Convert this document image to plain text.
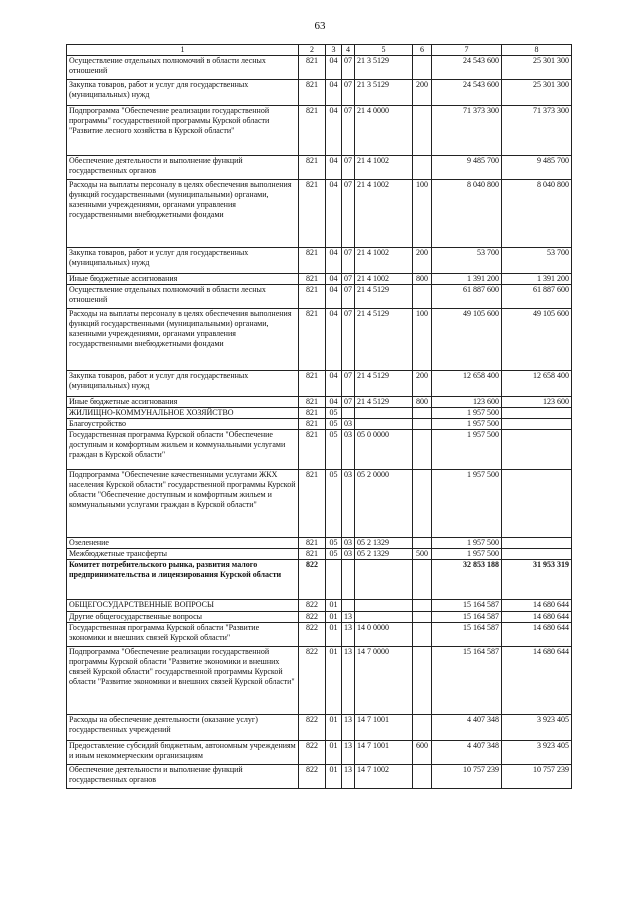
63
1	2	3	4	5	6	7	8
Осуществление отдельных полномочий в области лесных отношений	821	04	07	21 3 5129		24 543 600	25 301 300
Закупка товаров, работ и услуг для государственных (муниципальных) нужд	821	04	07	21 3 5129	200	24 543 600	25 301 300
Подпрограмма "Обеспечение реализации государственной программы" государственной программы Курской области "Развитие лесного хозяйства в Курской области"	821	04	07	21 4 0000		71 373 300	71 373 300
Обеспечение деятельности и выполнение функций государственных органов	821	04	07	21 4 1002		9 485 700	9 485 700
Расходы на выплаты персоналу в целях обеспечения выполнения функций государственными (муниципальными) органами, казенными учреждениями, органами управления государственными внебюджетными фондами	821	04	07	21 4 1002	100	8 040 800	8 040 800
Закупка товаров, работ и услуг для государственных (муниципальных) нужд	821	04	07	21 4 1002	200	53 700	53 700
Иные бюджетные ассигнования	821	04	07	21 4 1002	800	1 391 200	1 391 200
Осуществление отдельных полномочий в области лесных отношений	821	04	07	21 4 5129		61 887 600	61 887 600
Расходы на выплаты персоналу в целях обеспечения выполнения функций государственными (муниципальными) органами, казенными учреждениями, органами управления государственными внебюджетными фондами	821	04	07	21 4 5129	100	49 105 600	49 105 600
Закупка товаров, работ и услуг для государственных (муниципальных) нужд	821	04	07	21 4 5129	200	12 658 400	12 658 400
Иные бюджетные ассигнования	821	04	07	21 4 5129	800	123 600	123 600
ЖИЛИЩНО-КОММУНАЛЬНОЕ ХОЗЯЙСТВО	821	05				1 957 500	
Благоустройство	821	05	03			1 957 500	
Государственная программа Курской области "Обеспечение доступным и комфортным жильем и коммунальными услугами граждан в Курской области"	821	05	03	05 0 0000		1 957 500	
Подпрограмма "Обеспечение качественными услугами ЖКХ населения Курской области" государственной программы Курской области "Обеспечение доступным и комфортным жильем и коммунальными услугами граждан в Курской области"	821	05	03	05 2 0000		1 957 500	
Озеленение	821	05	03	05 2 1329		1 957 500	
Межбюджетные трансферты	821	05	03	05 2 1329	500	1 957 500	
Комитет потребительского рынка, развития малого предпринимательства и лицензирования Курской области	822					32 853 188	31 953 319
ОБЩЕГОСУДАРСТВЕННЫЕ ВОПРОСЫ	822	01				15 164 587	14 680 644
Другие общегосударственные вопросы	822	01	13			15 164 587	14 680 644
Государственная программа Курской области "Развитие экономики и внешних связей Курской области"	822	01	13	14 0 0000		15 164 587	14 680 644
Подпрограмма "Обеспечение реализации государственной программы Курской области "Развитие экономики и внешних связей Курской области" государственной программы Курской области "Развитие экономики и внешних связей Курской области"	822	01	13	14 7 0000		15 164 587	14 680 644
Расходы на обеспечение деятельности (оказание услуг) государственных учреждений	822	01	13	14 7 1001		4 407 348	3 923 405
Предоставление субсидий бюджетным, автономным учреждениям и иным некоммерческим организациям	822	01	13	14 7 1001	600	4 407 348	3 923 405
Обеспечение деятельности и выполнение функций государственных органов	822	01	13	14 7 1002		10 757 239	10 757 239
